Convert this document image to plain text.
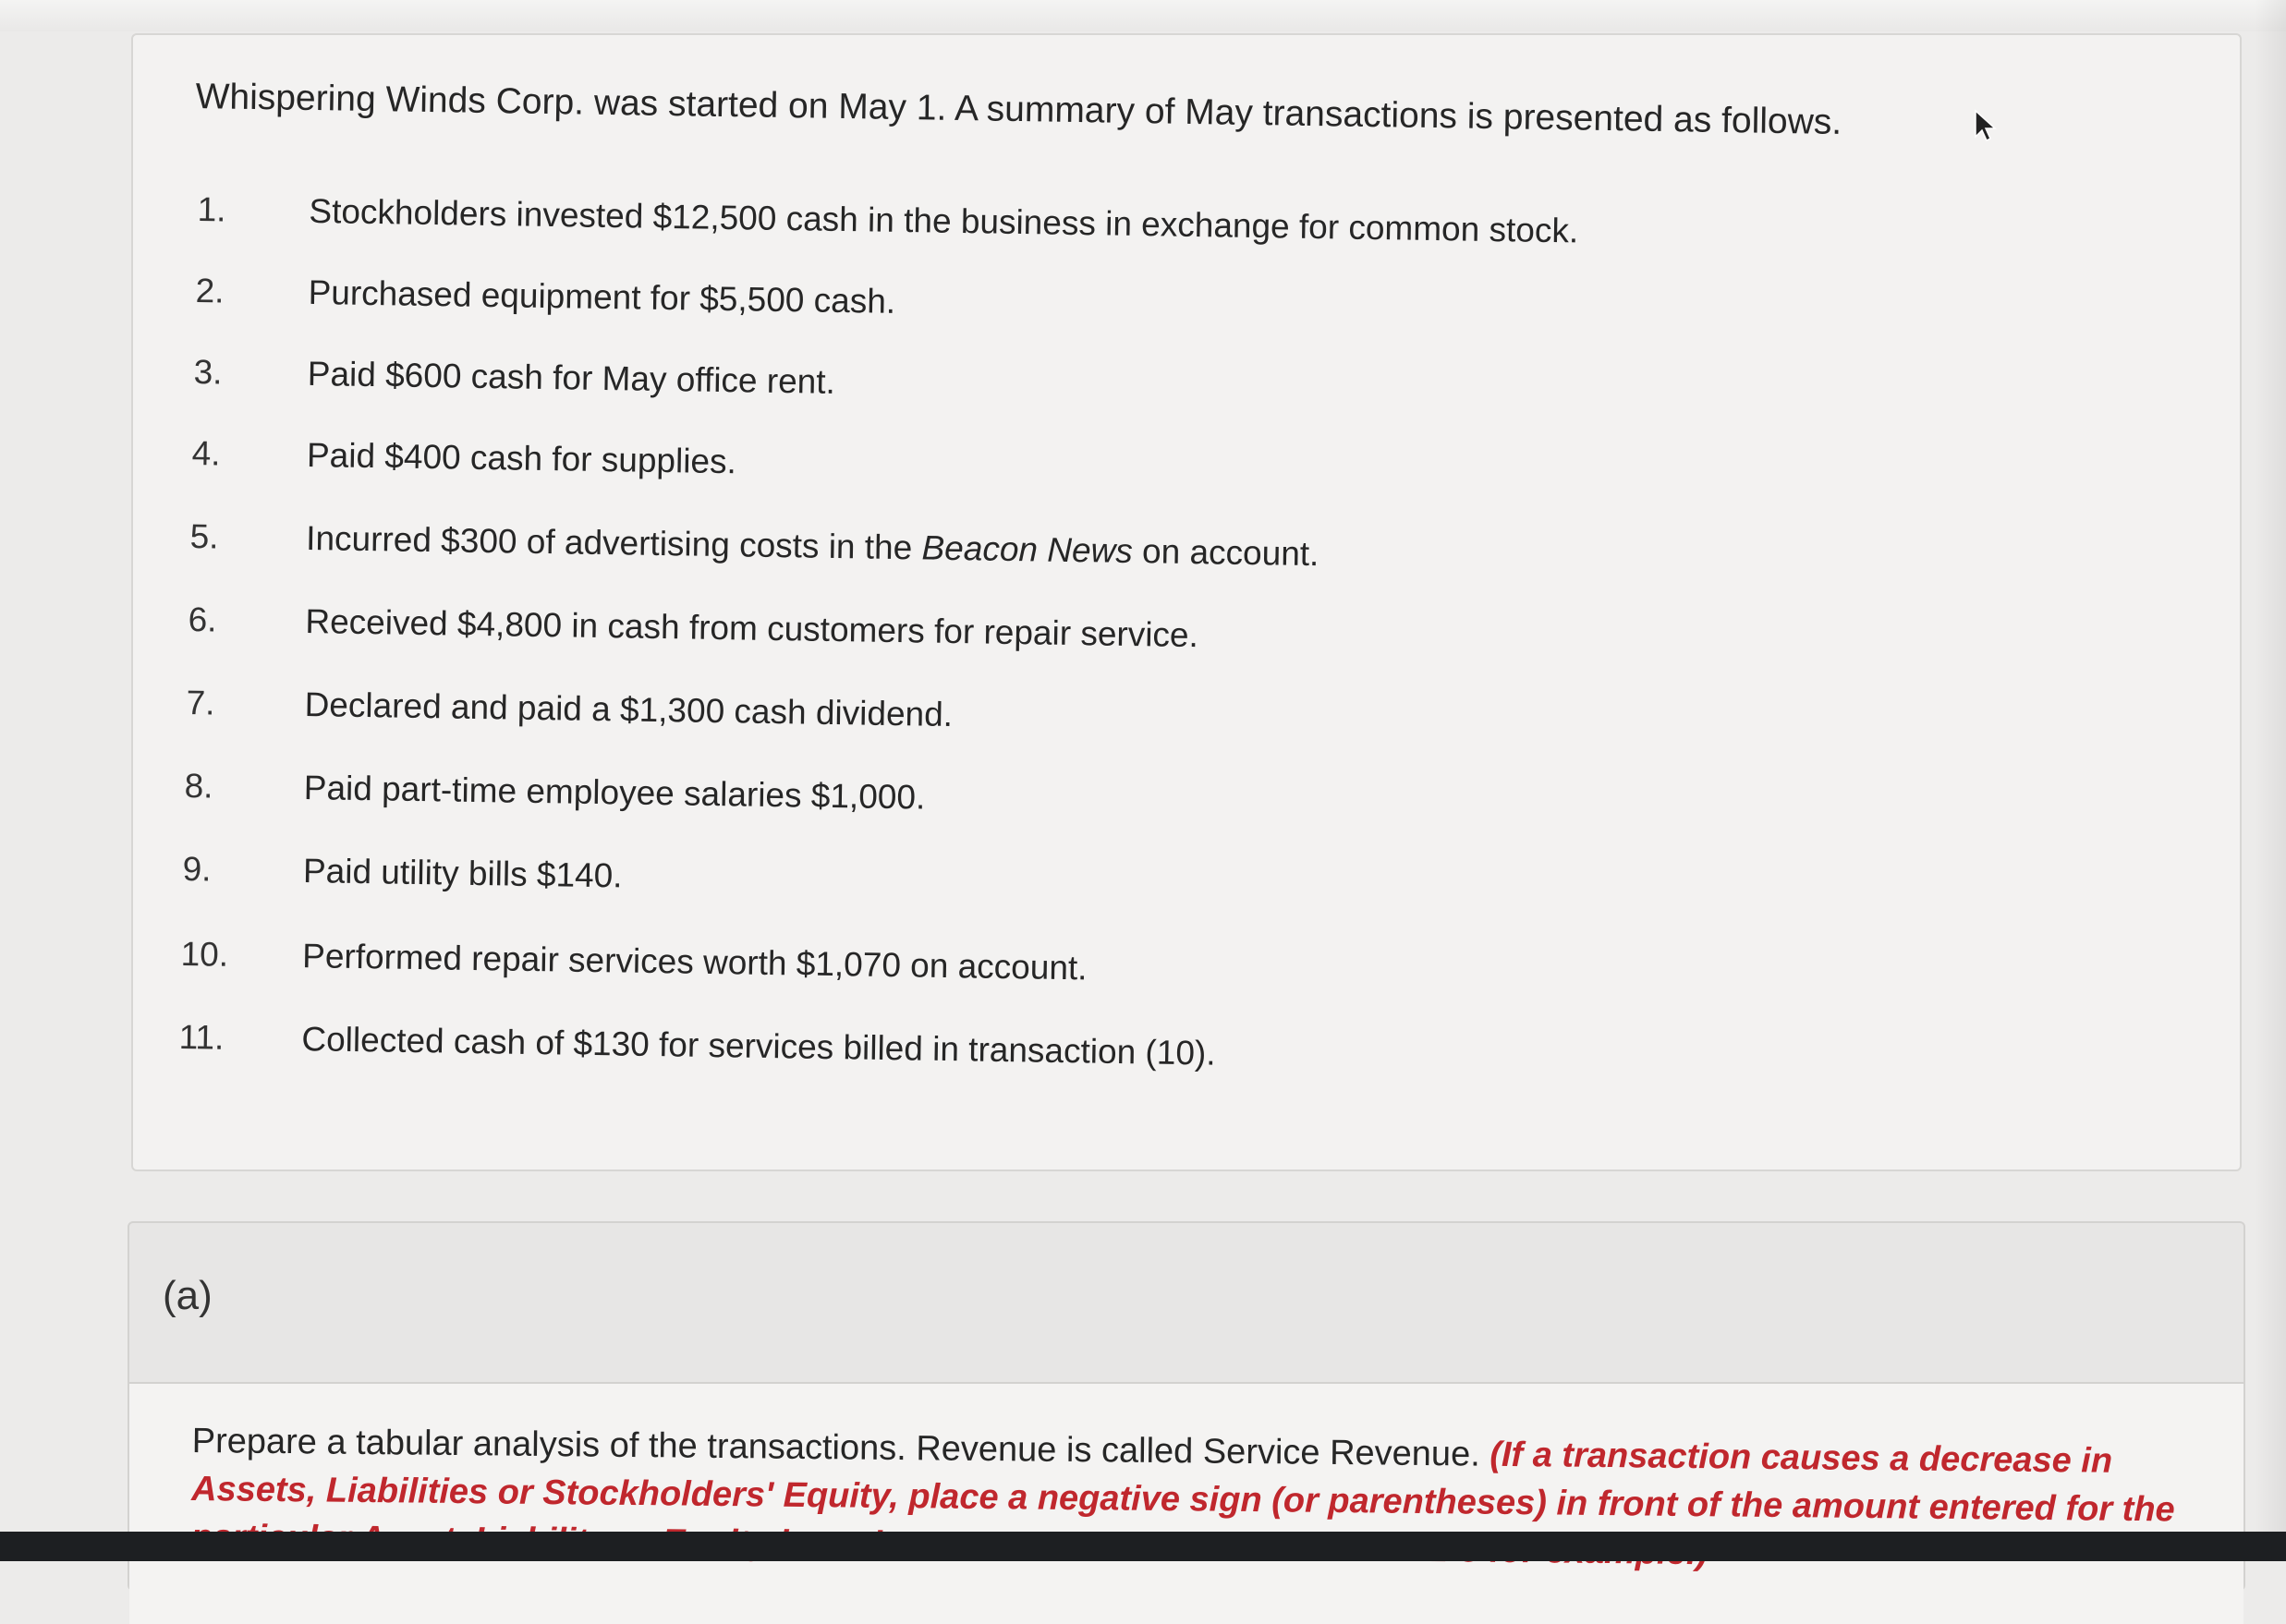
Whispering Winds Corp. was started on May 1. A summary of May transactions is presented as follows.
1.	Stockholders invested $12,500 cash in the business in exchange for common stock.
2.	Purchased equipment for $5,500 cash.
3.	Paid $600 cash for May office rent.
4.	Paid $400 cash for supplies.
5.	Incurred $300 of advertising costs in the Beacon News on account.
6.	Received $4,800 in cash from customers for repair service.
7.	Declared and paid a $1,300 cash dividend.
8.	Paid part-time employee salaries $1,000.
9.	Paid utility bills $140.
10.	Performed repair services worth $1,070 on account.
11.	Collected cash of $130 for services billed in transaction (10).
(a)
Prepare a tabular analysis of the transactions. Revenue is called Service Revenue. (If a transaction causes a decrease in Assets, Liabilities or Stockholders' Equity, place a negative sign (or parentheses) in front of the amount entered for the
